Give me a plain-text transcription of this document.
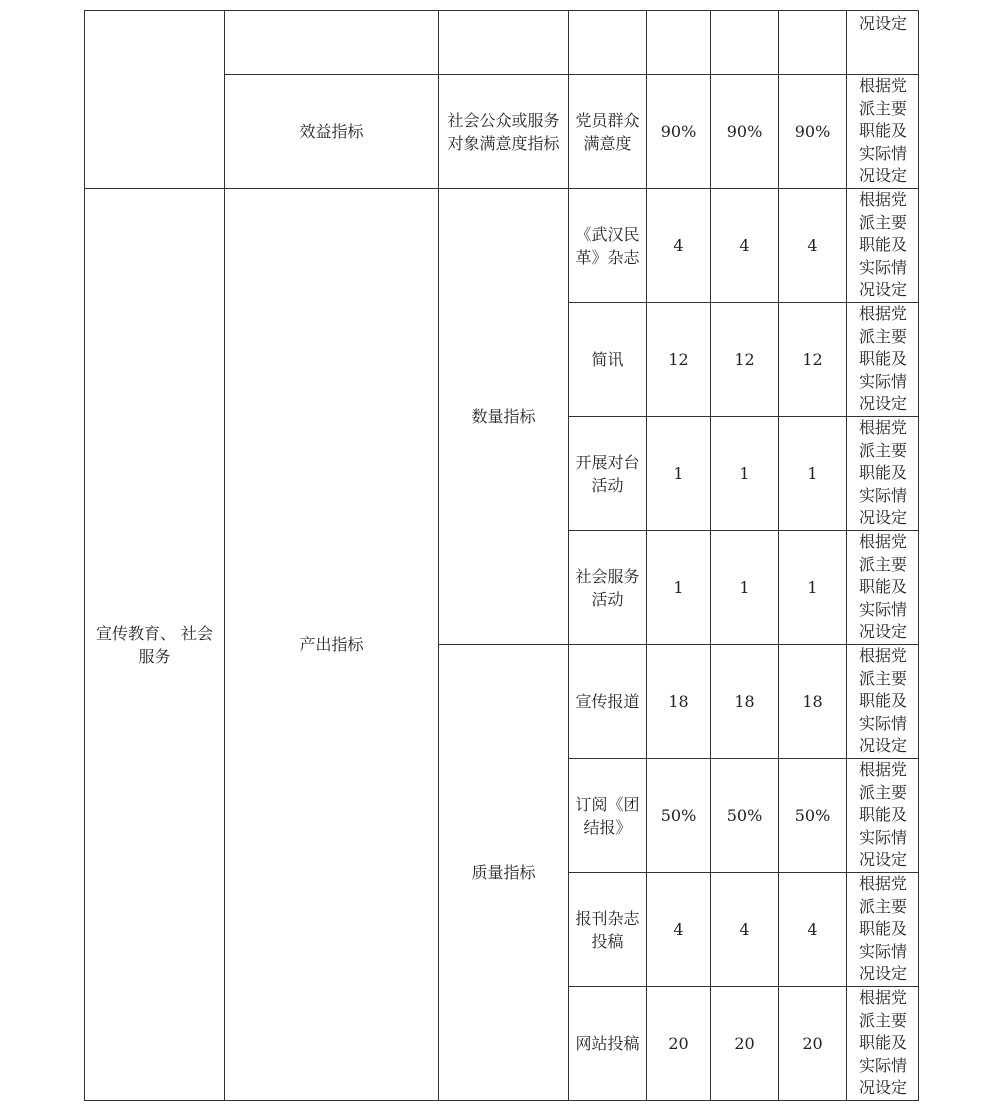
							况设定
	效益指标	社会公众或服务对象满意度指标	党员群众满意度	90%	90%	90%	根据党派主要职能及实际情况设定
宣传教育、 社会服务	产出指标	数量指标	《武汉民革》杂志	4	4	4	根据党派主要职能及实际情况设定
			简讯	12	12	12	根据党派主要职能及实际情况设定
			开展对台活动	1	1	1	根据党派主要职能及实际情况设定
			社会服务活动	1	1	1	根据党派主要职能及实际情况设定
		质量指标	宣传报道	18	18	18	根据党派主要职能及实际情况设定
			订阅《团结报》	50%	50%	50%	根据党派主要职能及实际情况设定
			报刊杂志投稿	4	4	4	根据党派主要职能及实际情况设定
			网站投稿	20	20	20	根据党派主要职能及实际情况设定
